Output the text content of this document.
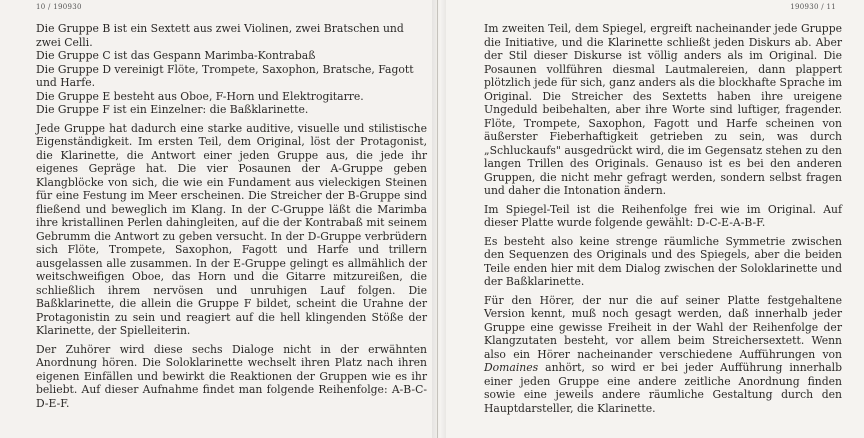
10 / 190930
Die Gruppe B ist ein Sextett aus zwei Violinen, zwei Bratschen und zwei Celli.
Die Gruppe C ist das Gespann Marimba-Kontrabaß
Die Gruppe D vereinigt Flöte, Trompete, Saxophon, Bratsche, Fagott und Harfe.
Die Gruppe E besteht aus Oboe, F-Horn und Elektrogitarre.
Die Gruppe F ist ein Einzelner: die Baßklarinette.

Jede Gruppe hat dadurch eine starke auditive, visuelle und stilistische Eigenständigkeit. Im ersten Teil, dem Original, löst der Protagonist, die Klarinette, die Antwort einer jeden Gruppe aus, die jede ihr eigenes Gepräge hat. Die vier Posaunen der A-Gruppe geben Klangblöcke von sich, die wie ein Fundament aus vieleckigen Steinen für eine Festung im Meer erscheinen. Die Streicher der B-Gruppe sind fließend und beweglich im Klang. In der C-Gruppe läßt die Marimba ihre kristallinen Perlen dahingleiten, auf die der Kontrabaß mit seinem Gebrumm die Antwort zu geben versucht. In der D-Gruppe verbrüdern sich Flöte, Trompete, Saxophon, Fagott und Harfe und trillern ausgelassen alle zusammen. In der E-Gruppe gelingt es allmählich der weitschweifigen Oboe, das Horn und die Gitarre mitzureißen, die schließlich ihrem nervösen und unruhigen Lauf folgen. Die Baßklarinette, die allein die Gruppe F bildet, scheint die Urahne der Protagonistin zu sein und reagiert auf die hell klingenden Stöße der Klarinette, der Spielleiterin.

Der Zuhörer wird diese sechs Dialoge nicht in der erwähnten Anordnung hören. Die Soloklarinette wechselt ihren Platz nach ihren eigenen Einfällen und bewirkt die Reaktionen der Gruppen wie es ihr beliebt. Auf dieser Aufnahme findet man folgende Reihenfolge: A-B-C-D-E-F.

190930 / 11

Im zweiten Teil, dem Spiegel, ergreift nacheinander jede Gruppe die Initiative, und die Klarinette schließt jeden Diskurs ab. Aber der Stil dieser Diskurse ist völlig anders als im Original. Die Posaunen vollführen diesmal Lautmalereien, dann plappert plötzlich jede für sich, ganz anders als die blockhafte Sprache im Original. Die Streicher des Sextetts haben ihre ureigene Ungeduld beibehalten, aber ihre Worte sind luftiger, fragender. Flöte, Trompete, Saxophon, Fagott und Harfe scheinen von äußerster Fieberhaftigkeit getrieben zu sein, was durch „Schluckaufs" ausgedrückt wird, die im Gegensatz stehen zu den langen Trillen des Originals. Genauso ist es bei den anderen Gruppen, die nicht mehr gefragt werden, sondern selbst fragen und daher die Intonation ändern.

Im Spiegel-Teil ist die Reihenfolge frei wie im Original. Auf dieser Platte wurde folgende gewählt: D-C-E-A-B-F.

Es besteht also keine strenge räumliche Symmetrie zwischen den Sequenzen des Originals und des Spiegels, aber die beiden Teile enden hier mit dem Dialog zwischen der Soloklarinette und der Baßklarinette.

Für den Hörer, der nur die auf seiner Platte festgehaltene Version kennt, muß noch gesagt werden, daß innerhalb jeder Gruppe eine gewisse Freiheit in der Wahl der Reihenfolge der Klangzutaten besteht, vor allem beim Streichersextett. Wenn also ein Hörer nacheinander verschiedene Aufführungen von Domaines anhört, so wird er bei jeder Aufführung innerhalb einer jeden Gruppe eine andere zeitliche Anordnung finden sowie eine jeweils andere räumliche Gestaltung durch den Hauptdarsteller, die Klarinette.
